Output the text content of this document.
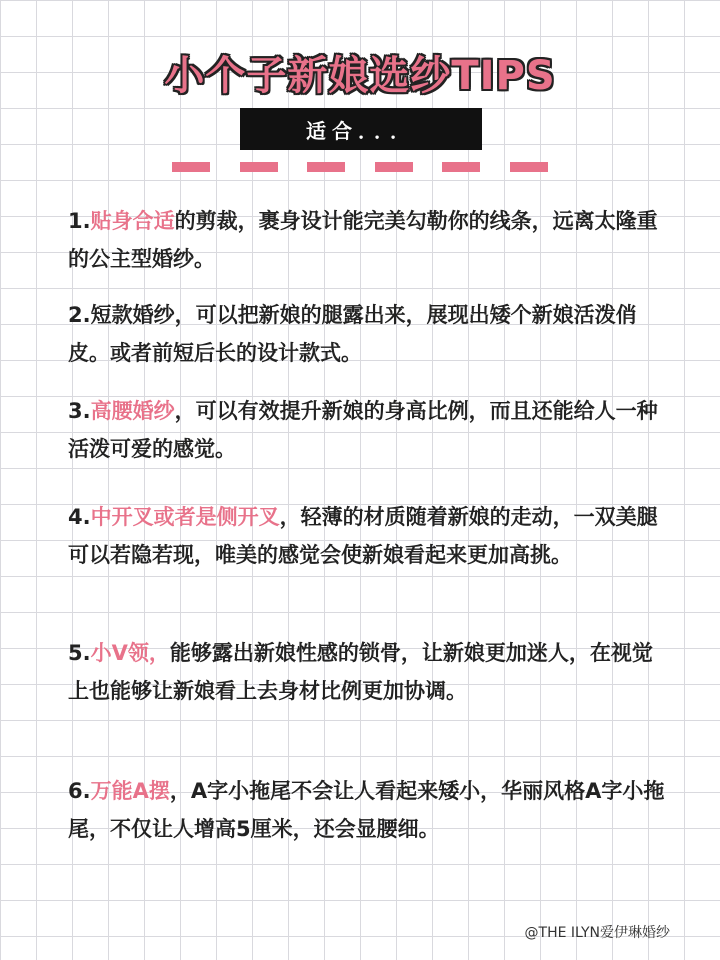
小个子新娘选纱TIPS
适合．．．
1.贴身合适的剪裁，裹身设计能完美勾勒你的线条，远离太隆重的公主型婚纱。
2.短款婚纱，可以把新娘的腿露出来，展现出矮个新娘活泼俏皮。或者前短后长的设计款式。
3.高腰婚纱，可以有效提升新娘的身高比例，而且还能给人一种活泼可爱的感觉。
4.中开叉或者是侧开叉，轻薄的材质随着新娘的走动，一双美腿可以若隐若现，唯美的感觉会使新娘看起来更加高挑。
5.小V领，能够露出新娘性感的锁骨，让新娘更加迷人，在视觉上也能够让新娘看上去身材比例更加协调。
6.万能A摆，A字小拖尾不会让人看起来矮小，华丽风格A字小拖尾，不仅让人增高5厘米，还会显腰细。
@THE ILYN爱伊琳婚纱
